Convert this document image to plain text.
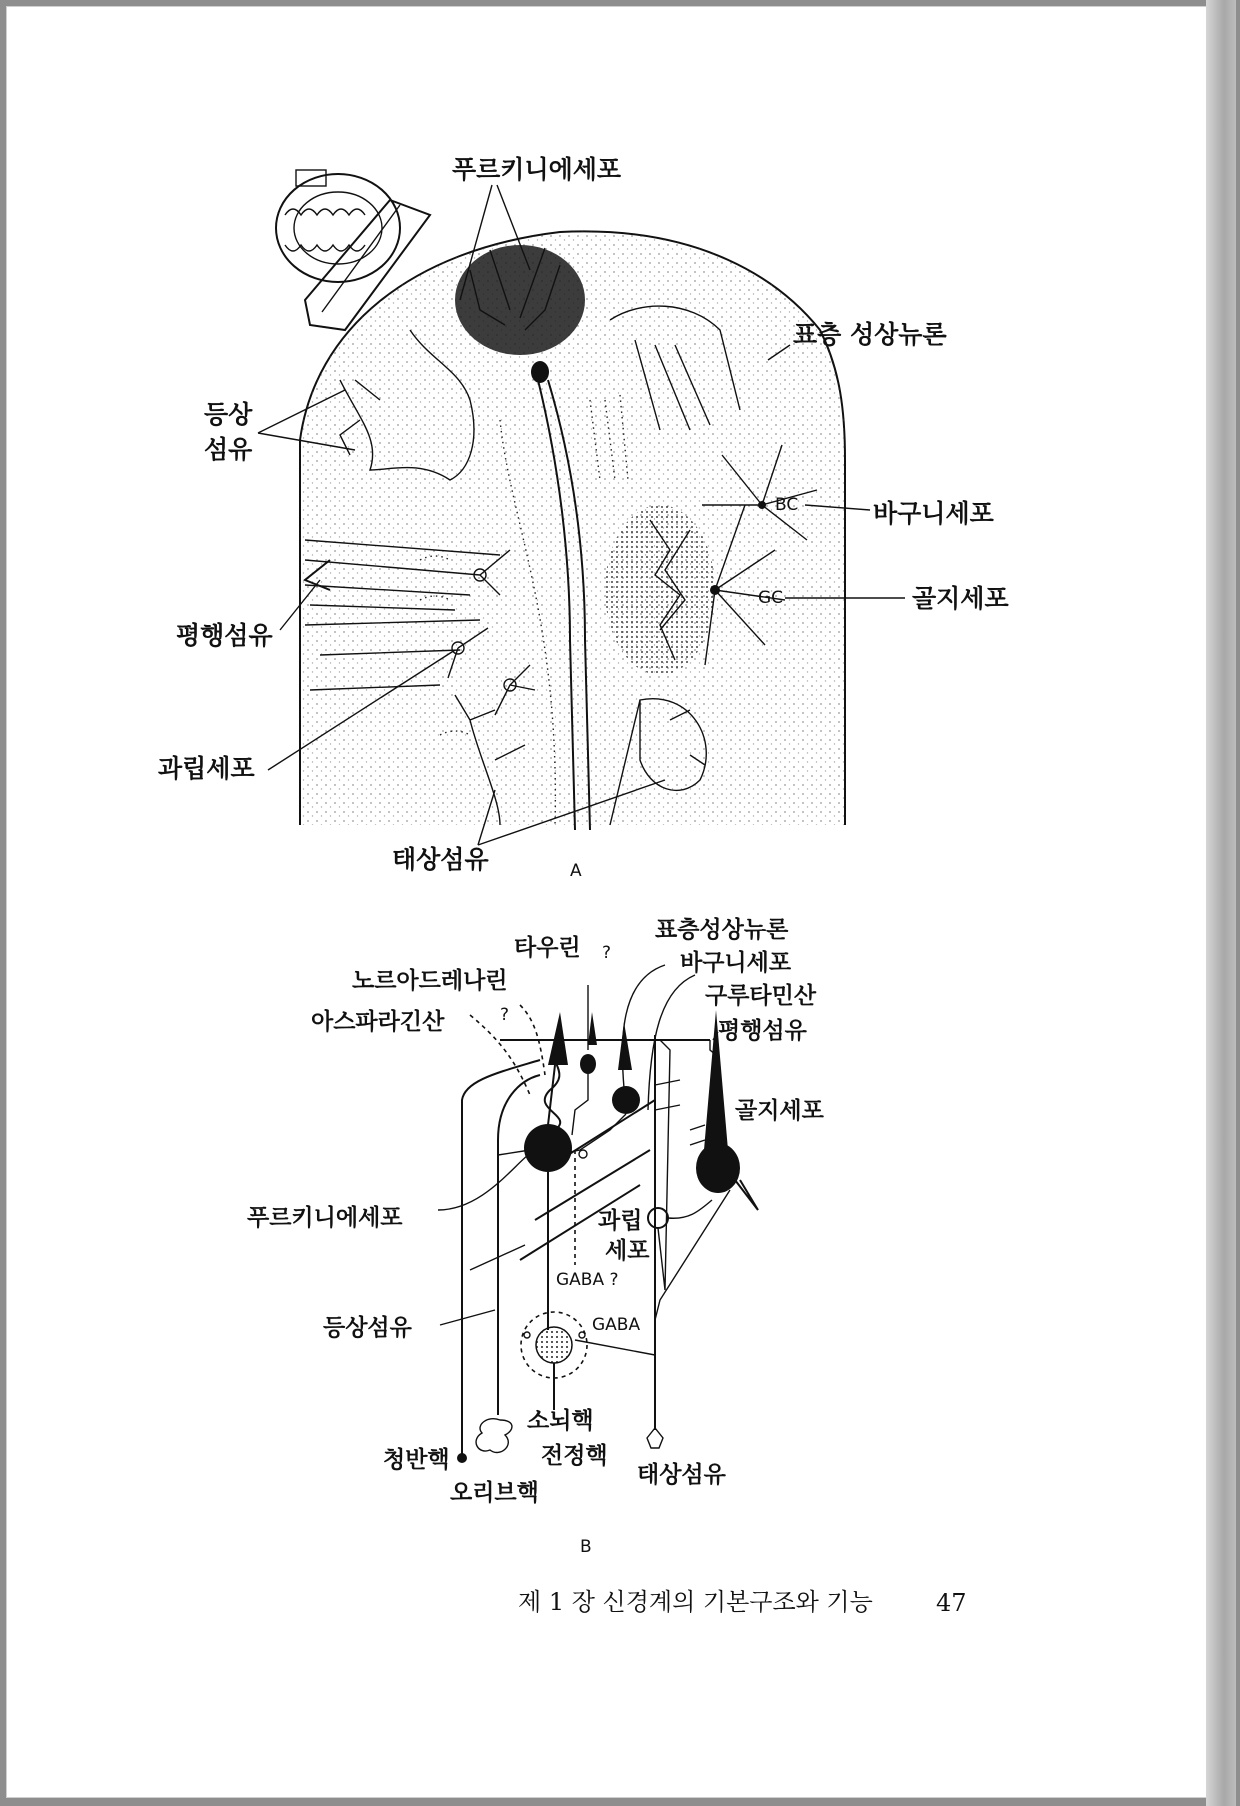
푸르키니에세포
표층 성상뉴론
등상
섬유
BC	바구니세포
GC	골지세포
평행섬유
과립세포
태상섬유	A
타우린 ?
표층성상뉴론
바구니세포
구루타민산
노르아드레나린
아스파라긴산	?
평행섬유
골지세포
푸르키니에세포	과립
세포
GABA ?
GABA
등상섬유
소뇌핵
전정핵
청반핵
태상섬유
오리브핵
B
제 1 장 신경계의 기본구조와 기능	47
